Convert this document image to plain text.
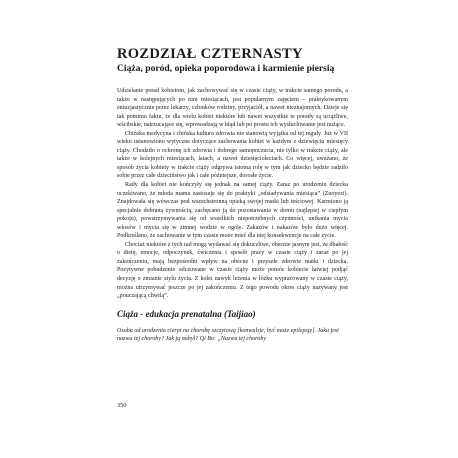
ROZDZIAŁ CZTERNASTY
Ciąża, poród, opieka poporodowa i karmienie piersią

Udzielanie porad kobietom, jak zachowywać się w czasie ciąży, w trakcie samego porodu, a także w następujących po nim miesiącach, jest popularnym zajęciem – praktykowanym entuzjastycznie przez lekarzy, członków rodziny, przyjaciół, a nawet nieznajomych. Dzieje się tak pomimo faktu, że dla wielu kobiet niektóre lub nawet wszystkie te porady są uciążliwe, wścibskie, natrzucające się, wprowadzają w błąd lub po prostu ich wysłuchiwanie jest nużące.

Chińska medycyna i chińska kultura zdrowia nie stanowią wyjątku od tej reguły. Już w VII wieku ustanowiono wytyczne dotyczące zachowania kobiet w każdym z dziewięciu miesięcy ciąży. Chodziło o ochronę ich zdrowia i dobrego samopoczucia, nie tylko w trakcie ciąży, ale także w kolejnych miesiącach, latach, a nawet dziesięcioleciach. Co więcej, uważano, że sposób życia kobiety w trakcie ciąży odgrywa istotną rolę w tym jak dziecko będzie radziło sobie przez całe dzieciństwo jak i całe późniejsze, dorosłe życie.

Rady dla kobiet nie kończyły się jednak na samej ciąży. Zaraz po urodzeniu dziecka oczekiwano, że młoda mama zastosuje się do praktyki „odsiadywania miesiąca” (Zuoyezi). Znajdowała się wówczas pod wszechstronną opieką swojej matki lub teściowej. Karmiono ją specjalnie dobraną żywnością, zachęcano ją do pozostawania w domu (najlepiej w ciepłym pokoju), powstrzymywania się od wszelkich niepotrzebnych czynności, unikania mycia włosów i mycia się w zimnej wodzie w ogóle. Zakazów i nakazów było dużo więcej. Podkreślano, że zachowanie w tym czasie może mieć dla niej konsekwencje na całe życie.

Chociaż niektóre z tych rad mogą wydawać się dokuczliwe, obecnie jasnym jest, że dbałość o dietę, emocje, odpoczynek, ćwiczenia i sposób pracy w czasie ciąży i zaraz po jej zakończeniu, mają bezpośredni wpływ na obecne i przyszłe zdrowie matki i dziecka. Pozytywne pobudzenie odczuwane w czasie ciąży może pomóc kobiecie łatwiej podjąć decyzję o zmianie stylu życia. Z kolei nawyk leżenia w łóżku wypracowany w czasie ciąży, można utrzymywać jeszcze po jej zakończeniu. Z tego powodu okres ciąży nazywany jest „pouczającą chwilą”.

Ciąża - edukacja prenatalna (Taijiao)

Osoba od urodzenia cierpi na chorobę szczytową [konwulsje, być może epilepsję]. Jaka jest nazwa tej choroby? Jak ją nabył? Qi Bo: „Nazwa tej choroby

350
